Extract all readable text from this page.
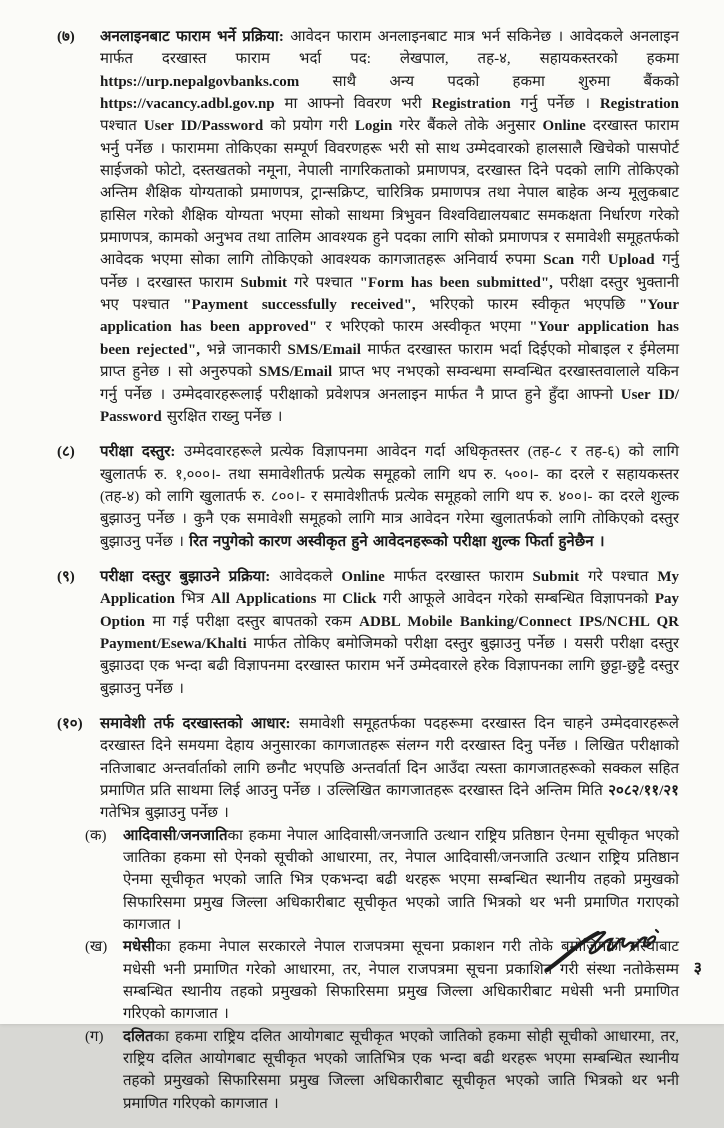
(७)	अनलाइनबाट फाराम भर्ने प्रक्रिया: आवेदन फाराम अनलाइनबाट मात्र भर्न सकिनेछ । आवेदकले अनलाइन मार्फत दरखास्त फाराम भर्दा पद: लेखपाल, तह-४, सहायकस्तरको हकमा https://urp.nepalgovbanks.com साथै अन्य पदको हकमा शुरुमा बैंकको https://vacancy.adbl.gov.np मा आफ्नो विवरण भरी Registration गर्नु पर्नेछ । Registration पश्चात User ID/Password को प्रयोग गरी Login गरेर बैंकले तोके अनुसार Online दरखास्त फाराम भर्नु पर्नेछ । फाराममा तोकिएका सम्पूर्ण विवरणहरू भरी सो साथ उम्मेदवारको हालसालै खिचेको पासपोर्ट साईजको फोटो, दस्तखतको नमूना, नेपाली नागरिकताको प्रमाणपत्र, दरखास्त दिने पदको लागि तोकिएको अन्तिम शैक्षिक योग्यताको प्रमाणपत्र, ट्रान्सक्रिप्ट, चारित्रिक प्रमाणपत्र तथा नेपाल बाहेक अन्य मूलुकबाट हासिल गरेको शैक्षिक योग्यता भएमा सोको साथमा त्रिभुवन विश्वविद्यालयबाट समकक्षता निर्धारण गरेको प्रमाणपत्र, कामको अनुभव तथा तालिम आवश्यक हुने पदका लागि सोको प्रमाणपत्र र समावेशी समूहतर्फको आवेदक भएमा सोका लागि तोकिएको आवश्यक कागजातहरू अनिवार्य रुपमा Scan गरी Upload गर्नु पर्नेछ । दरखास्त फाराम Submit गरे पश्चात "Form has been submitted", परीक्षा दस्तुर भुक्तानी भए पश्चात "Payment successfully received", भरिएको फारम स्वीकृत भएपछि "Your application has been approved" र भरिएको फारम अस्वीकृत भएमा "Your application has been rejected", भन्ने जानकारी SMS/Email मार्फत दरखास्त फाराम भर्दा दिईएको मोबाइल र ईमेलमा प्राप्त हुनेछ । सो अनुरुपको SMS/Email प्राप्त भए नभएको सम्वन्धमा सम्वन्धित दरखास्तवालाले यकिन गर्नु पर्नेछ । उम्मेदवारहरूलाई परीक्षाको प्रवेशपत्र अनलाइन मार्फत नै प्राप्त हुने हुँदा आफ्नो User ID/ Password सुरक्षित राख्नु पर्नेछ ।
(८)	परीक्षा दस्तुर: उम्मेदवारहरूले प्रत्येक विज्ञापनमा आवेदन गर्दा अधिकृतस्तर (तह-८ र तह-६) को लागि खुलातर्फ रु. १,०००।- तथा समावेशीतर्फ प्रत्येक समूहको लागि थप रु. ५००।- का दरले र सहायकस्तर (तह-४) को लागि खुलातर्फ रु. ८००।- र समावेशीतर्फ प्रत्येक समूहको लागि थप रु. ४००।- का दरले शुल्क बुझाउनु पर्नेछ । कुनै एक समावेशी समूहको लागि मात्र आवेदन गरेमा खुलातर्फको लागि तोकिएको दस्तुर बुझाउनु पर्नेछ । रित नपुगेको कारण अस्वीकृत हुने आवेदनहरूको परीक्षा शुल्क फिर्ता हुनेछैन ।
(९)	परीक्षा दस्तुर बुझाउने प्रक्रिया: आवेदकले Online मार्फत दरखास्त फाराम Submit गरे पश्चात My Application भित्र All Applications मा Click गरी आफूले आवेदन गरेको सम्बन्धित विज्ञापनको Pay Option मा गई परीक्षा दस्तुर बापतको रकम ADBL Mobile Banking/Connect IPS/NCHL QR Payment/Esewa/Khalti मार्फत तोकिए बमोजिमको परीक्षा दस्तुर बुझाउनु पर्नेछ । यसरी परीक्षा दस्तुर बुझाउदा एक भन्दा बढी विज्ञापनमा दरखास्त फाराम भर्ने उम्मेदवारले हरेक विज्ञापनका लागि छुट्टा-छुट्टै दस्तुर बुझाउनु पर्नेछ ।
(१०)	समावेशी तर्फ दरखास्तको आधार: समावेशी समूहतर्फका पदहरूमा दरखास्त दिन चाहने उम्मेदवारहरूले दरखास्त दिने समयमा देहाय अनुसारका कागजातहरू संलग्न गरी दरखास्त दिनु पर्नेछ । लिखित परीक्षाको नतिजाबाट अन्तर्वार्ताको लागि छनौट भएपछि अन्तर्वार्ता दिन आउँदा त्यस्ता कागजातहरूको सक्कल सहित प्रमाणित प्रति साथमा लिई आउनु पर्नेछ । उल्लिखित कागजातहरू दरखास्त दिने अन्तिम मिति २०८२/११/२१ गतेभित्र बुझाउनु पर्नेछ ।
(क)	आदिवासी/जनजातिका हकमा नेपाल आदिवासी/जनजाति उत्थान राष्ट्रिय प्रतिष्ठान ऐनमा सूचीकृत भएको जातिका हकमा सो ऐनको सूचीको आधारमा, तर, नेपाल आदिवासी/जनजाति उत्थान राष्ट्रिय प्रतिष्ठान ऐनमा सूचीकृत भएको जाति भित्र एकभन्दा बढी थरहरू भएमा सम्बन्धित स्थानीय तहको प्रमुखको सिफारिसमा प्रमुख जिल्ला अधिकारीबाट सूचीकृत भएको जाति भित्रको थर भनी प्रमाणित गराएको कागजात ।
(ख)	मधेसीका हकमा नेपाल सरकारले नेपाल राजपत्रमा सूचना प्रकाशन गरी तोके बमोजिमको संस्थाबाट मधेसी भनी प्रमाणित गरेको आधारमा, तर, नेपाल राजपत्रमा सूचना प्रकाशित गरी संस्था नतोकेसम्म सम्बन्धित स्थानीय तहको प्रमुखको सिफारिसमा प्रमुख जिल्ला अधिकारीबाट मधेसी भनी प्रमाणित गरिएको कागजात ।
(ग)	दलितका हकमा राष्ट्रिय दलित आयोगबाट सूचीकृत भएको जातिको हकमा सोही सूचीको आधारमा, तर, राष्ट्रिय दलित आयोगबाट सूचीकृत भएको जातिभित्र एक भन्दा बढी थरहरू भएमा सम्बन्धित स्थानीय तहको प्रमुखको सिफारिसमा प्रमुख जिल्ला अधिकारीबाट सूचीकृत भएको जाति भित्रको थर भनी प्रमाणित गरिएको कागजात ।
३
